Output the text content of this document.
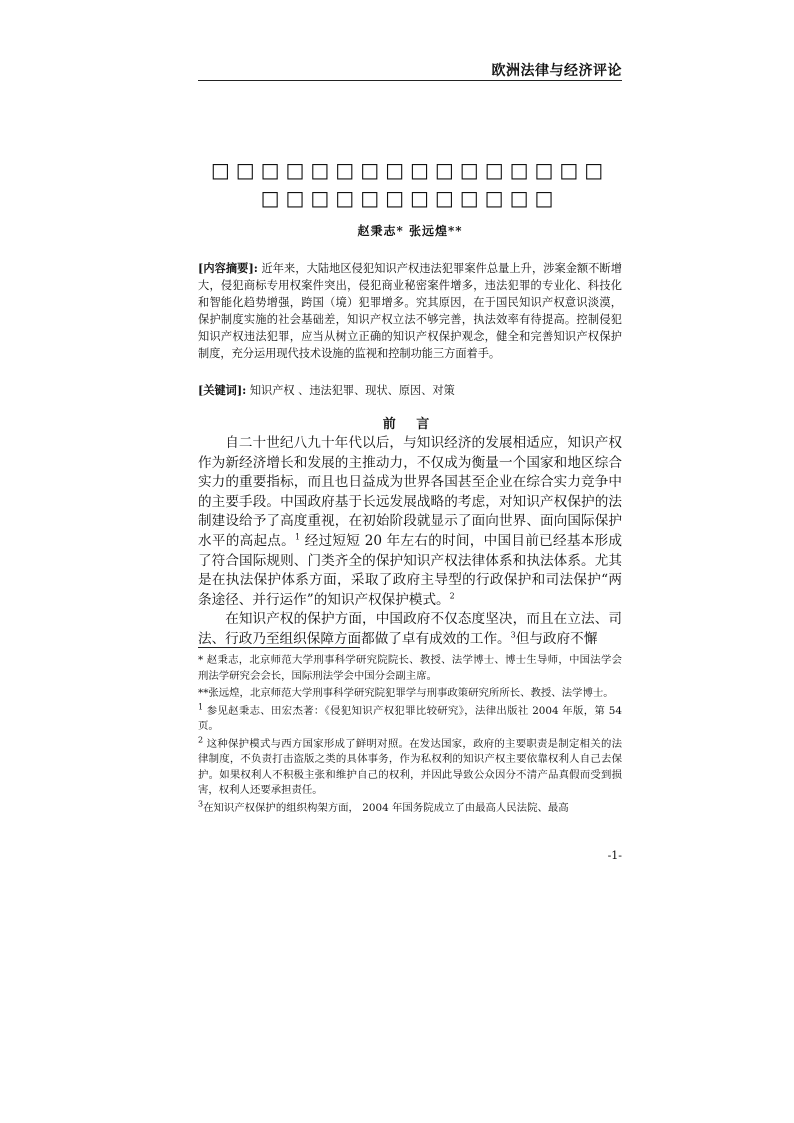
欧洲法律与经济评论
□□□□□□□□□□□□□□□□
□□□□□□□□□□□□
赵秉志* 张远煌**
[内容摘要]: 近年来，大陆地区侵犯知识产权违法犯罪案件总量上升，涉案金额不断增大，侵犯商标专用权案件突出，侵犯商业秘密案件增多，违法犯罪的专业化、科技化和智能化趋势增强，跨国（境）犯罪增多。究其原因，在于国民知识产权意识淡漠，保护制度实施的社会基础差，知识产权立法不够完善，执法效率有待提高。控制侵犯知识产权违法犯罪，应当从树立正确的知识产权保护观念，健全和完善知识产权保护制度，充分运用现代技术设施的监视和控制功能三方面着手。
[关键词]: 知识产权 、违法犯罪、现状、原因、对策
前 言

自二十世纪八九十年代以后，与知识经济的发展相适应，知识产权作为新经济增长和发展的主推动力，不仅成为衡量一个国家和地区综合实力的重要指标，而且也日益成为世界各国甚至企业在综合实力竞争中的主要手段。中国政府基于长远发展战略的考虑，对知识产权保护的法制建设给予了高度重视，在初始阶段就显示了面向世界、面向国际保护水平的高起点。$^1$ 经过短短 20 年左右的时间，中国目前已经基本形成了符合国际规则、门类齐全的保护知识产权法律体系和执法体系。尤其是在执法保护体系方面，采取了政府主导型的行政保护和司法保护“两条途径、并行运作”的知识产权保护模式。$^2$

在知识产权的保护方面，中国政府不仅态度坚决，而且在立法、司法、行政乃至组织保障方面都做了卓有成效的工作。$^3$但与政府不懈

* 赵秉志，北京师范大学刑事科学研究院院长、教授、法学博士、博士生导师，中国法学会刑法学研究会会长，国际刑法学会中国分会副主席。

**张远煌，北京师范大学刑事科学研究院犯罪学与刑事政策研究所所长、教授、法学博士。

$^1$ 参见赵秉志、田宏杰著：《侵犯知识产权犯罪比较研究》，法律出版社 2004 年版，第 54 页。

$^2$ 这种保护模式与西方国家形成了鲜明对照。在发达国家，政府的主要职责是制定相关的法律制度，不负责打击盗版之类的具体事务，作为私权利的知识产权主要依靠权利人自己去保护。如果权利人不积极主张和维护自己的权利，并因此导致公众因分不清产品真假而受到损害，权利人还要承担责任。

$^3$在知识产权保护的组织构架方面， 2004 年国务院成立了由最高人民法院、最高

-1-
